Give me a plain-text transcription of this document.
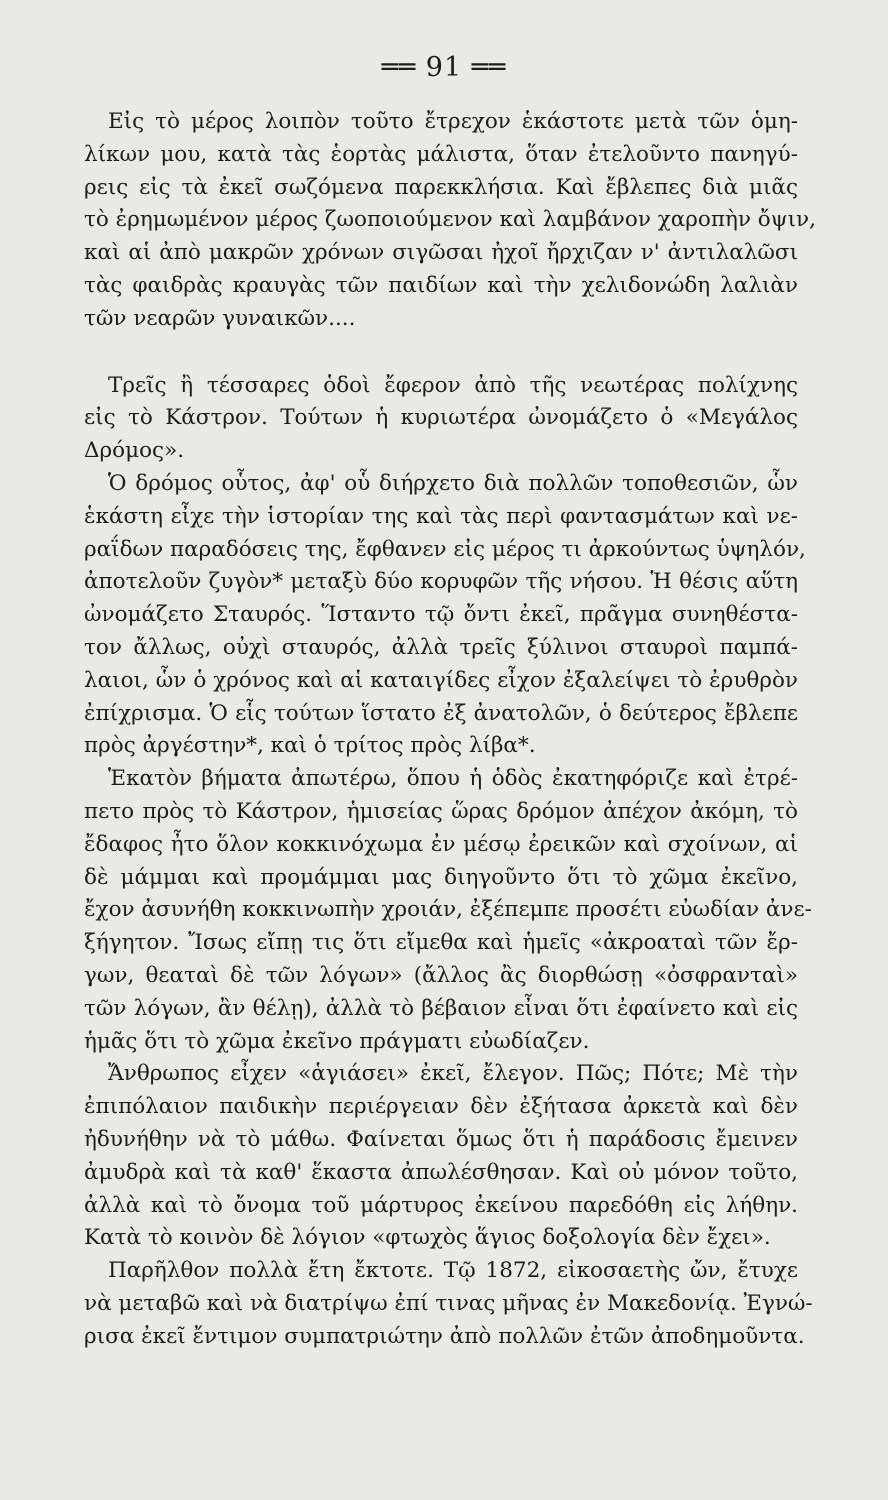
══ 91 ══

Εἰς τὸ μέρος λοιπὸν τοῦτο ἔτρεχον ἑκάστοτε μετὰ τῶν ὁμη-
λίκων μου, κατὰ τὰς ἑορτὰς μάλιστα, ὅταν ἐτελοῦντο πανηγύ-
ρεις εἰς τὰ ἐκεῖ σωζόμενα παρεκκλήσια. Καὶ ἔβλεπες διὰ μιᾶς
τὸ ἐρημωμένον μέρος ζωοποιούμενον καὶ λαμβάνον χαροπὴν ὄψιν,
καὶ αἱ ἀπὸ μακρῶν χρόνων σιγῶσαι ἠχοῖ ἤρχιζαν ν' ἀντιλαλῶσι
τὰς φαιδρὰς κραυγὰς τῶν παιδίων καὶ τὴν χελιδονώδη λαλιὰν
τῶν νεαρῶν γυναικῶν....

Τρεῖς ἢ τέσσαρες ὁδοὶ ἔφερον ἀπὸ τῆς νεωτέρας πολίχνης
εἰς τὸ Κάστρον. Τούτων ἡ κυριωτέρα ὠνομάζετο ὁ «Μεγάλος
Δρόμος».

Ὁ δρόμος οὗτος, ἀφ' οὗ διήρχετο διὰ πολλῶν τοποθεσιῶν, ὧν
ἑκάστη εἶχε τὴν ἱστορίαν της καὶ τὰς περὶ φαντασμάτων καὶ νε-
ραΐδων παραδόσεις της, ἔφθανεν εἰς μέρος τι ἀρκούντως ὑψηλόν,
ἀποτελοῦν ζυγὸν* μεταξὺ δύο κορυφῶν τῆς νήσου. Ἡ θέσις αὕτη
ὠνομάζετο Σταυρός. Ἵσταντο τῷ ὄντι ἐκεῖ, πρᾶγμα συνηθέστα-
τον ἄλλως, οὐχὶ σταυρός, ἀλλὰ τρεῖς ξύλινοι σταυροὶ παμπά-
λαιοι, ὧν ὁ χρόνος καὶ αἱ καταιγίδες εἶχον ἐξαλείψει τὸ ἐρυθρὸν
ἐπίχρισμα. Ὁ εἷς τούτων ἵστατο ἐξ ἀνατολῶν, ὁ δεύτερος ἔβλεπε
πρὸς ἀργέστην*, καὶ ὁ τρίτος πρὸς λίβα*.

Ἑκατὸν βήματα ἀπωτέρω, ὅπου ἡ ὁδὸς ἐκατηφόριζε καὶ ἐτρέ-
πετο πρὸς τὸ Κάστρον, ἡμισείας ὥρας δρόμον ἀπέχον ἀκόμη, τὸ
ἔδαφος ἦτο ὅλον κοκκινόχωμα ἐν μέσῳ ἐρεικῶν καὶ σχοίνων, αἱ
δὲ μάμμαι καὶ προμάμμαι μας διηγοῦντο ὅτι τὸ χῶμα ἐκεῖνο,
ἔχον ἀσυνήθη κοκκινωπὴν χροιάν, ἐξέπεμπε προσέτι εὐωδίαν ἀνε-
ξήγητον. Ἴσως εἴπῃ τις ὅτι εἴμεθα καὶ ἡμεῖς «ἀκροαταὶ τῶν ἔρ-
γων, θεαταὶ δὲ τῶν λόγων» (ἄλλος ἂς διορθώσῃ «ὀσφρανταὶ»
τῶν λόγων, ἂν θέλῃ), ἀλλὰ τὸ βέβαιον εἶναι ὅτι ἐφαίνετο καὶ εἰς
ἡμᾶς ὅτι τὸ χῶμα ἐκεῖνο πράγματι εὐωδίαζεν.

Ἄνθρωπος εἶχεν «ἁγιάσει» ἐκεῖ, ἔλεγον. Πῶς; Πότε; Μὲ τὴν
ἐπιπόλαιον παιδικὴν περιέργειαν δὲν ἐξήτασα ἀρκετὰ καὶ δὲν
ἠδυνήθην νὰ τὸ μάθω. Φαίνεται ὅμως ὅτι ἡ παράδοσις ἔμεινεν
ἀμυδρὰ καὶ τὰ καθ' ἕκαστα ἀπωλέσθησαν. Καὶ οὐ μόνον τοῦτο,
ἀλλὰ καὶ τὸ ὄνομα τοῦ μάρτυρος ἐκείνου παρεδόθη εἰς λήθην.
Κατὰ τὸ κοινὸν δὲ λόγιον «φτωχὸς ἅγιος δοξολογία δὲν ἔχει».

Παρῆλθον πολλὰ ἔτη ἔκτοτε. Τῷ 1872, εἰκοσαετὴς ὤν, ἔτυχε
νὰ μεταβῶ καὶ νὰ διατρίψω ἐπί τινας μῆνας ἐν Μακεδονίᾳ. Ἐγνώ-
ρισα ἐκεῖ ἔντιμον συμπατριώτην ἀπὸ πολλῶν ἐτῶν ἀποδημοῦντα.
